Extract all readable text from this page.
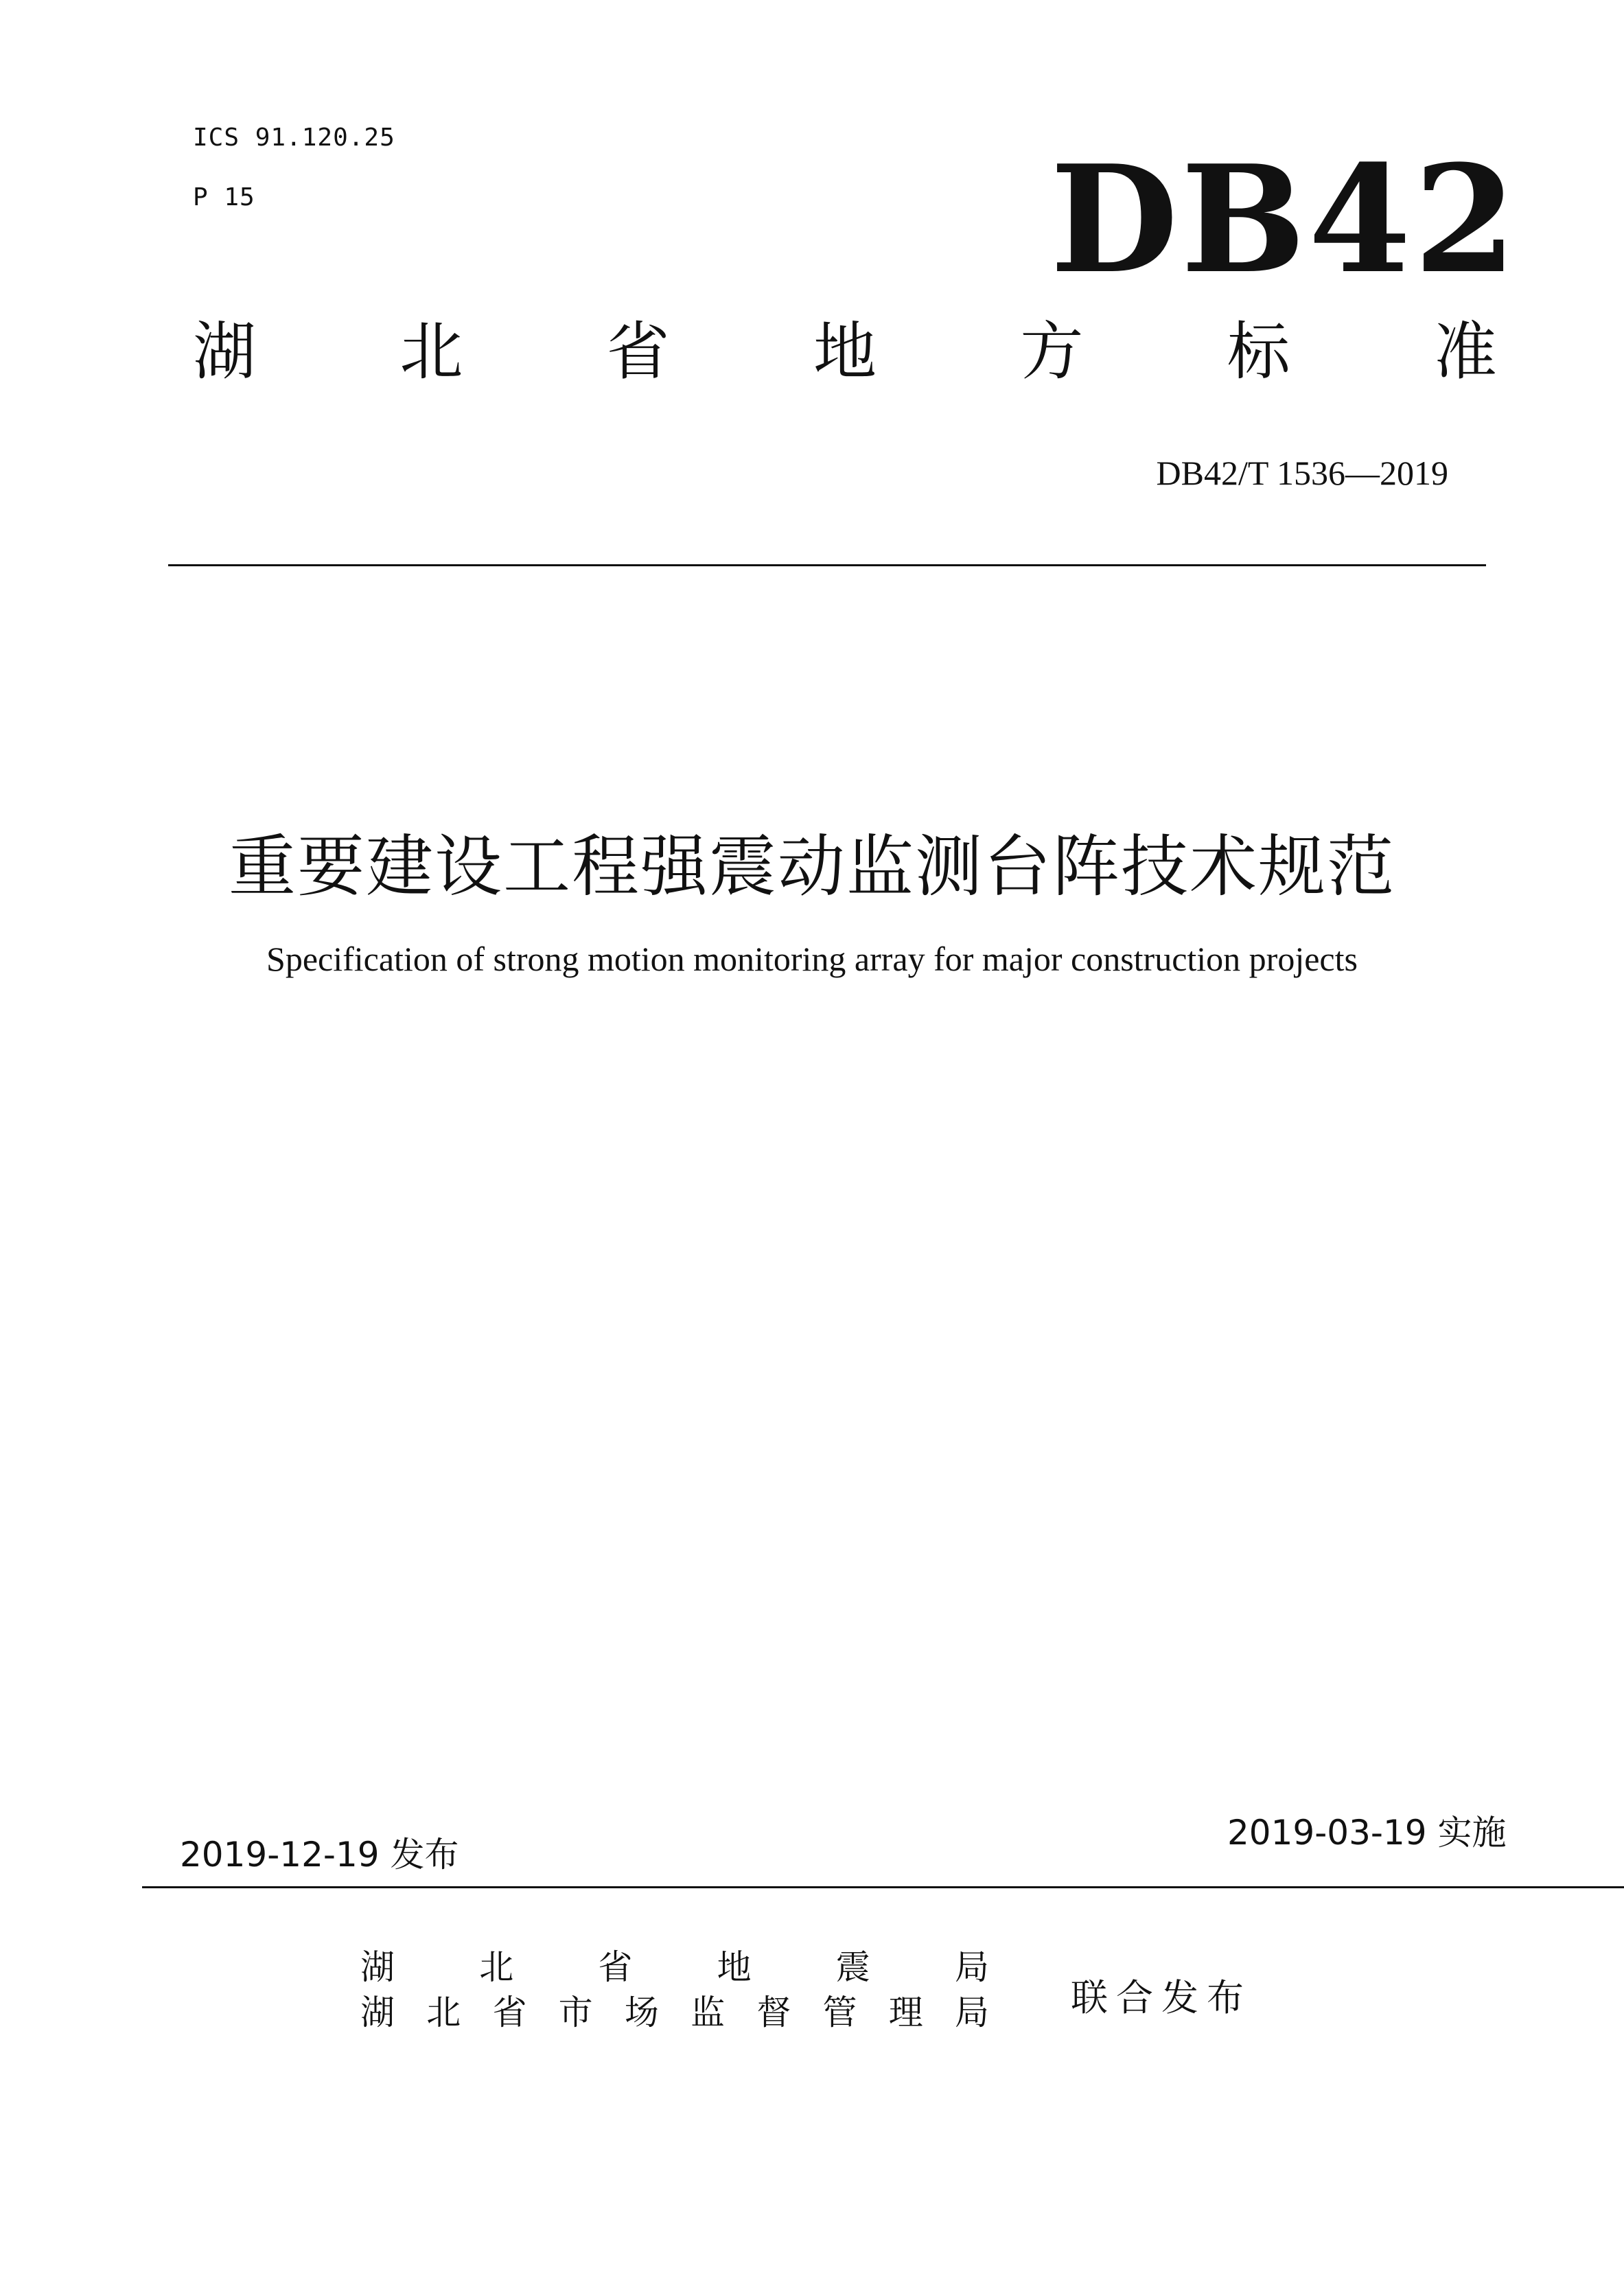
ICS 91.120.25
P 15	DB42
湖 北 省 地 方 标 准
DB42/T 1536—2019
重要建设工程强震动监测台阵技术规范
Specification of strong motion monitoring array for major construction projects
2019-12-19 发布
2019-03-19 实施
湖 北 省 地 震 局
湖 北 省 市 场 监 督 管 理 局 联合发布
